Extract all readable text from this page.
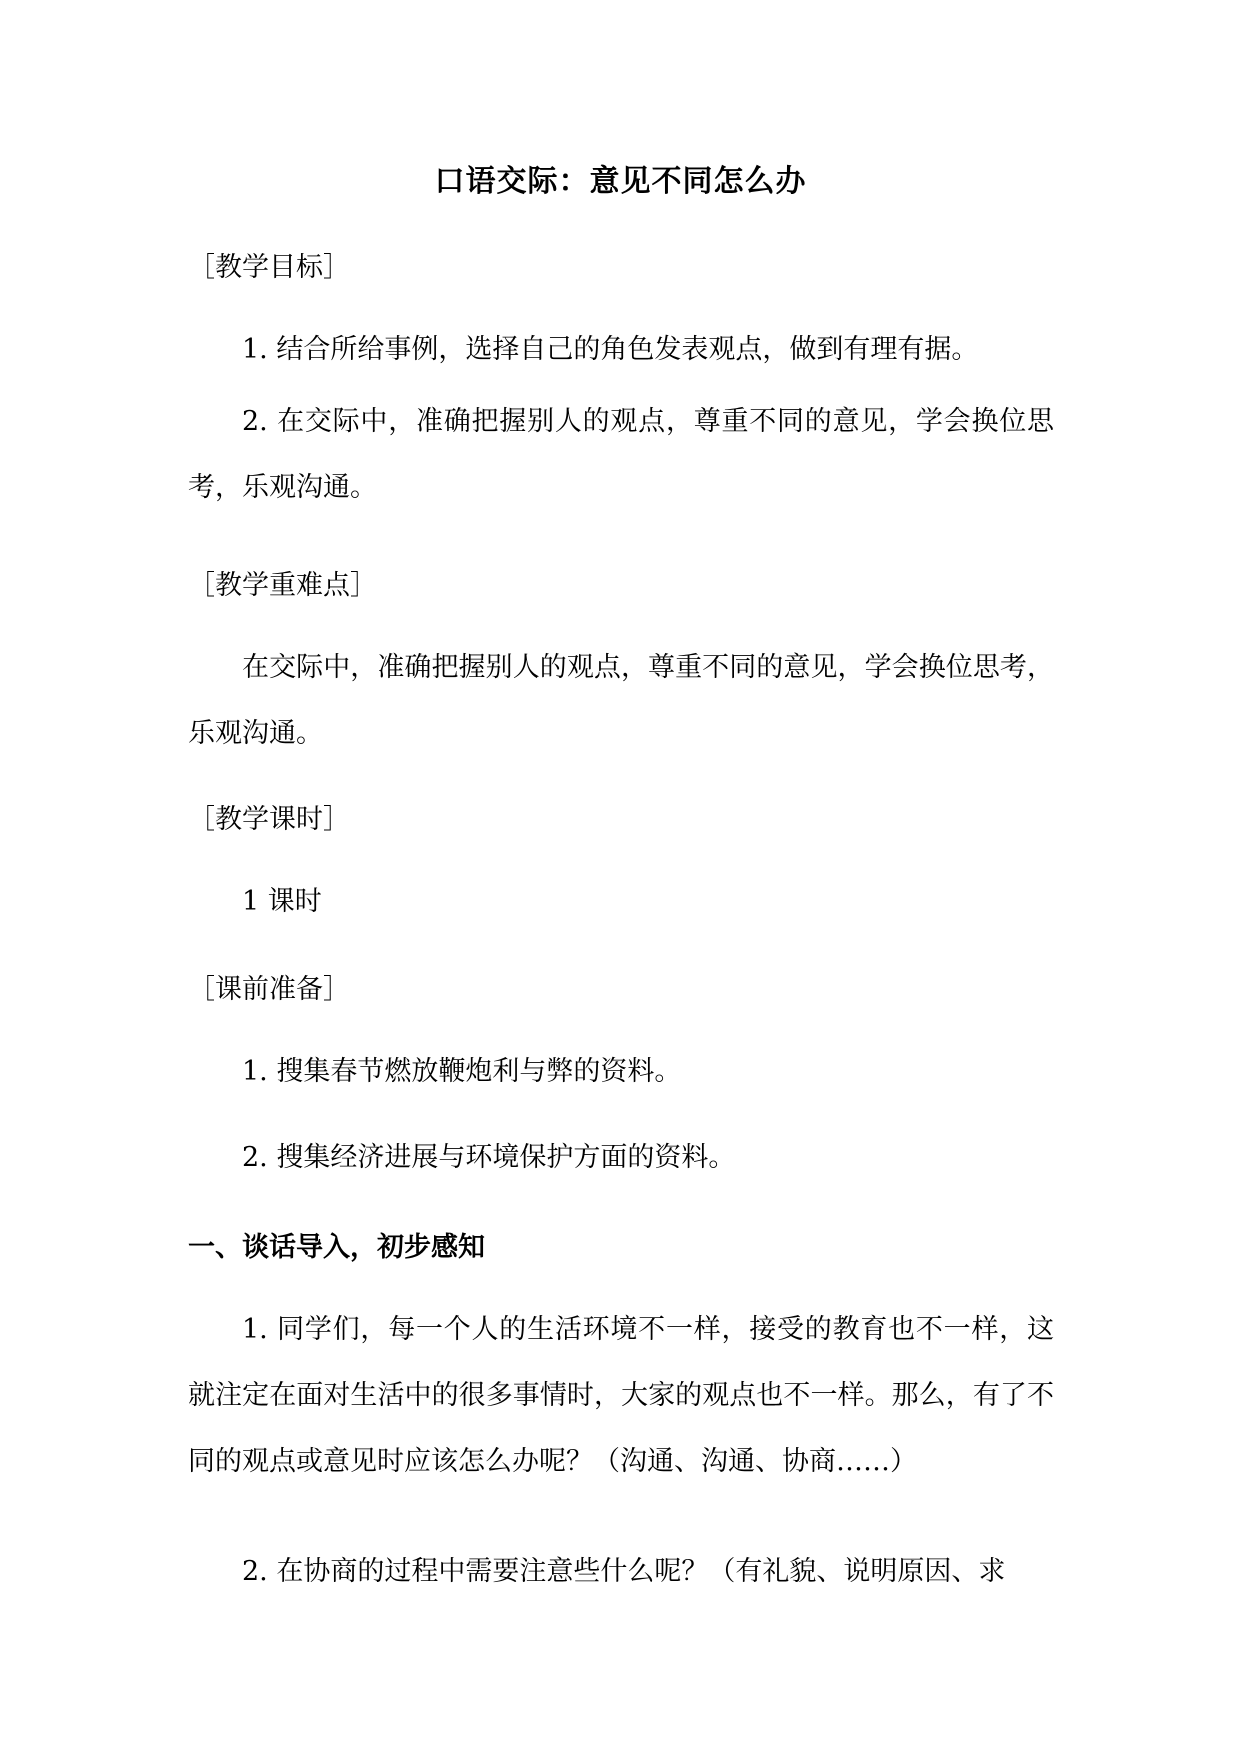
口语交际：意见不同怎么办
［教学目标］
1. 结合所给事例，选择自己的角色发表观点，做到有理有据。
2. 在交际中，准确把握别人的观点，尊重不同的意见，学会换位思考，乐观沟通。
［教学重难点］
在交际中，准确把握别人的观点，尊重不同的意见，学会换位思考，乐观沟通。
［教学课时］
1 课时
［课前准备］
1. 搜集春节燃放鞭炮利与弊的资料。
2. 搜集经济进展与环境保护方面的资料。
一、谈话导入，初步感知
1. 同学们，每一个人的生活环境不一样，接受的教育也不一样，这就注定在面对生活中的很多事情时，大家的观点也不一样。那么，有了不同的观点或意见时应该怎么办呢？（沟通、沟通、协商……）
2. 在协商的过程中需要注意些什么呢？（有礼貌、说明原因、求
